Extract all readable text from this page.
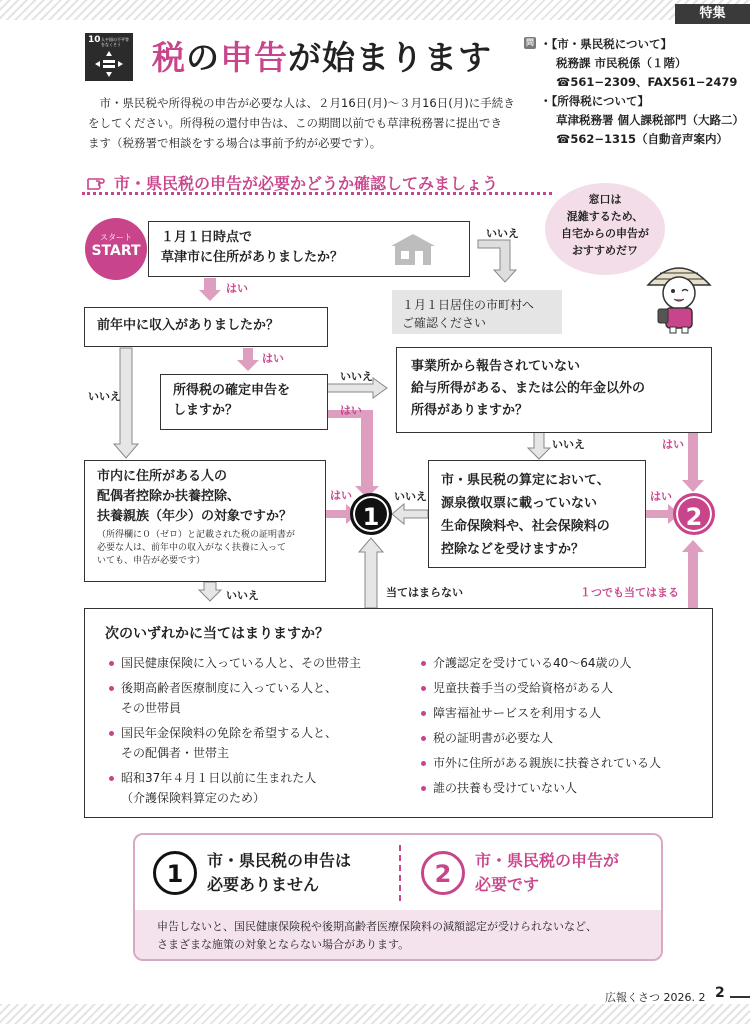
特集
10 人や国の不平等をなくそう 税の申告が始まります	問 ・【市・県民税について】
税務課 市民税係（１階）
☎561−2309、FAX561−2479
・【所得税について】
草津税務署 個人課税部門（大路二）
☎562−1315（自動音声案内）
市・県民税や所得税の申告が必要な人は、２月16日(月)〜３月16日(月)に手続き
をしてください。所得税の還付申告は、この期間以前でも草津税務署に提出でき
ます（税務署で相談をする場合は事前予約が必要です）。
市・県民税の申告が必要かどうか確認してみましょう
窓口は
混雑するため、
自宅からの申告が
おすすめだワ
スタート
START
１月１日時点で
草津市に住所がありましたか？
１月１日居住の市町村へ
ご確認ください
前年中に収入がありましたか？
所得税の確定申告を
しますか？
事業所から報告されていない
給与所得がある、または公的年金以外の
所得がありますか？
市内に住所がある人の
配偶者控除か扶養控除、
扶養親族（年少）の対象ですか？
（所得欄に０（ゼロ）と記載された税の証明書が
必要な人は、前年中の収入がなく扶養に入って
いても、申告が必要です）
市・県民税の算定において、
源泉徴収票に載っていない
生命保険料や、社会保険料の
控除などを受けますか？
1	2
はい
いいえ
いいえ
はい
いいえ
はい
いいえ	はい
はい	いいえ	はい
いいえ	当てはまらない	１つでも当てはまる
次のいずれかに当てはまりますか？
国民健康保険に入っている人と、その世帯主
後期高齢者医療制度に入っている人と、
その世帯員
国民年金保険料の免除を希望する人と、
その配偶者・世帯主
昭和37年４月１日以前に生まれた人
（介護保険料算定のため）
介護認定を受けている40〜64歳の人
児童扶養手当の受給資格がある人
障害福祉サービスを利用する人
税の証明書が必要な人
市外に住所がある親族に扶養されている人
誰の扶養も受けていない人
1	市・県民税の申告は
必要ありません	2	市・県民税の申告が
必要です
申告しないと、国民健康保険税や後期高齢者医療保険料の減額認定が受けられないなど、
さまざまな施策の対象とならない場合があります。
広報くさつ 2026. 2 2
